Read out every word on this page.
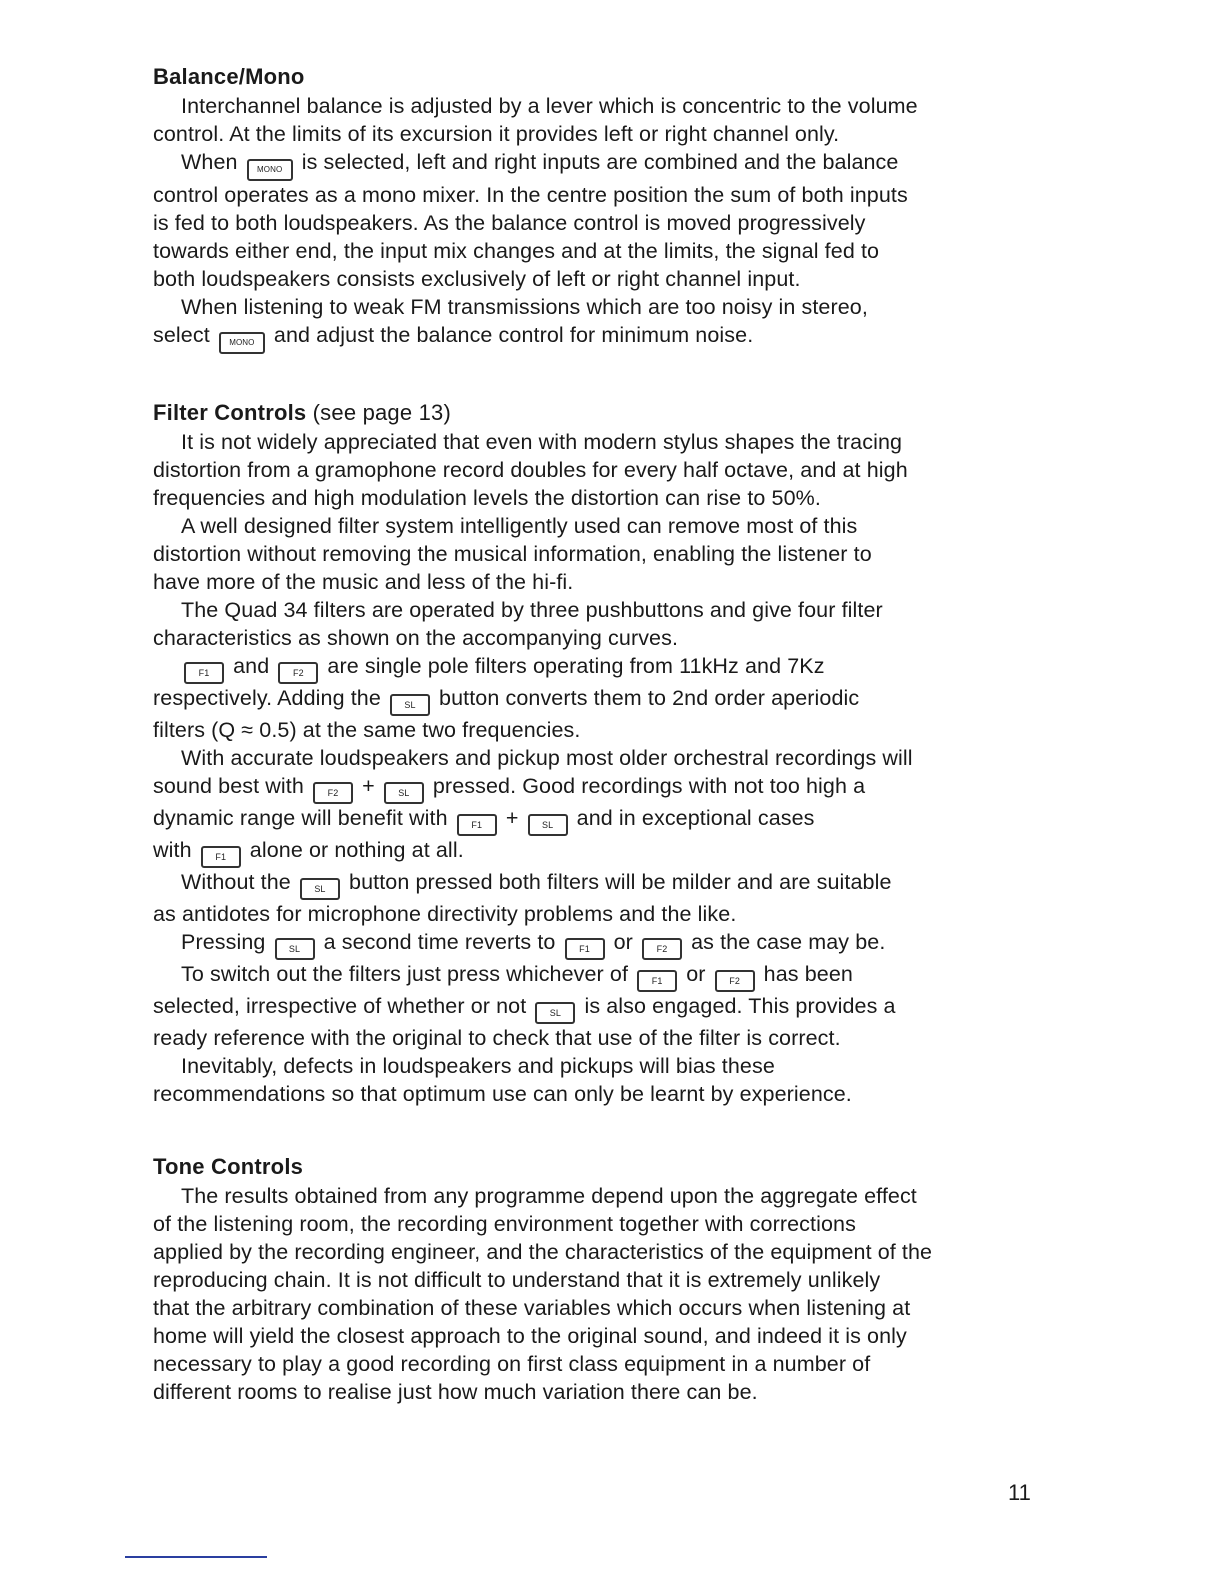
Balance/Mono
Interchannel balance is adjusted by a lever which is concentric to the volume
control. At the limits of its excursion it provides left or right channel only.
When MONO is selected, left and right inputs are combined and the balance
control operates as a mono mixer. In the centre position the sum of both inputs
is fed to both loudspeakers. As the balance control is moved progressively
towards either end, the input mix changes and at the limits, the signal fed to
both loudspeakers consists exclusively of left or right channel input.
When listening to weak FM transmissions which are too noisy in stereo,
select MONO and adjust the balance control for minimum noise.
Filter Controls (see page 13)
It is not widely appreciated that even with modern stylus shapes the tracing
distortion from a gramophone record doubles for every half octave, and at high
frequencies and high modulation levels the distortion can rise to 50%.
A well designed filter system intelligently used can remove most of this
distortion without removing the musical information, enabling the listener to
have more of the music and less of the hi-fi.
The Quad 34 filters are operated by three pushbuttons and give four filter
characteristics as shown on the accompanying curves.
F1 and	F2 are single pole filters operating from 11kHz and 7Kz
respectively. Adding the	SL button converts them to 2nd order aperiodic
filters (Q ≈ 0.5) at the same two frequencies.
With accurate loudspeakers and pickup most older orchestral recordings will
sound best with	F2 +	SL pressed. Good recordings with not too high a
dynamic range will benefit with	F1 +	SL and in exceptional cases
with	F1 alone or nothing at all.
Without the	SL button pressed both filters will be milder and are suitable
as antidotes for microphone directivity problems and the like.
Pressing	SL a second time reverts to	F1 or	F2 as the case may be.
To switch out the filters just press whichever of	F1 or	F2 has been
selected, irrespective of whether or not	SL is also engaged. This provides a
ready reference with the original to check that use of the filter is correct.
Inevitably, defects in loudspeakers and pickups will bias these
recommendations so that optimum use can only be learnt by experience.
Tone Controls
The results obtained from any programme depend upon the aggregate effect
of the listening room, the recording environment together with corrections
applied by the recording engineer, and the characteristics of the equipment of the
reproducing chain. It is not difficult to understand that it is extremely unlikely
that the arbitrary combination of these variables which occurs when listening at
home will yield the closest approach to the original sound, and indeed it is only
necessary to play a good recording on first class equipment in a number of
different rooms to realise just how much variation there can be.
11
